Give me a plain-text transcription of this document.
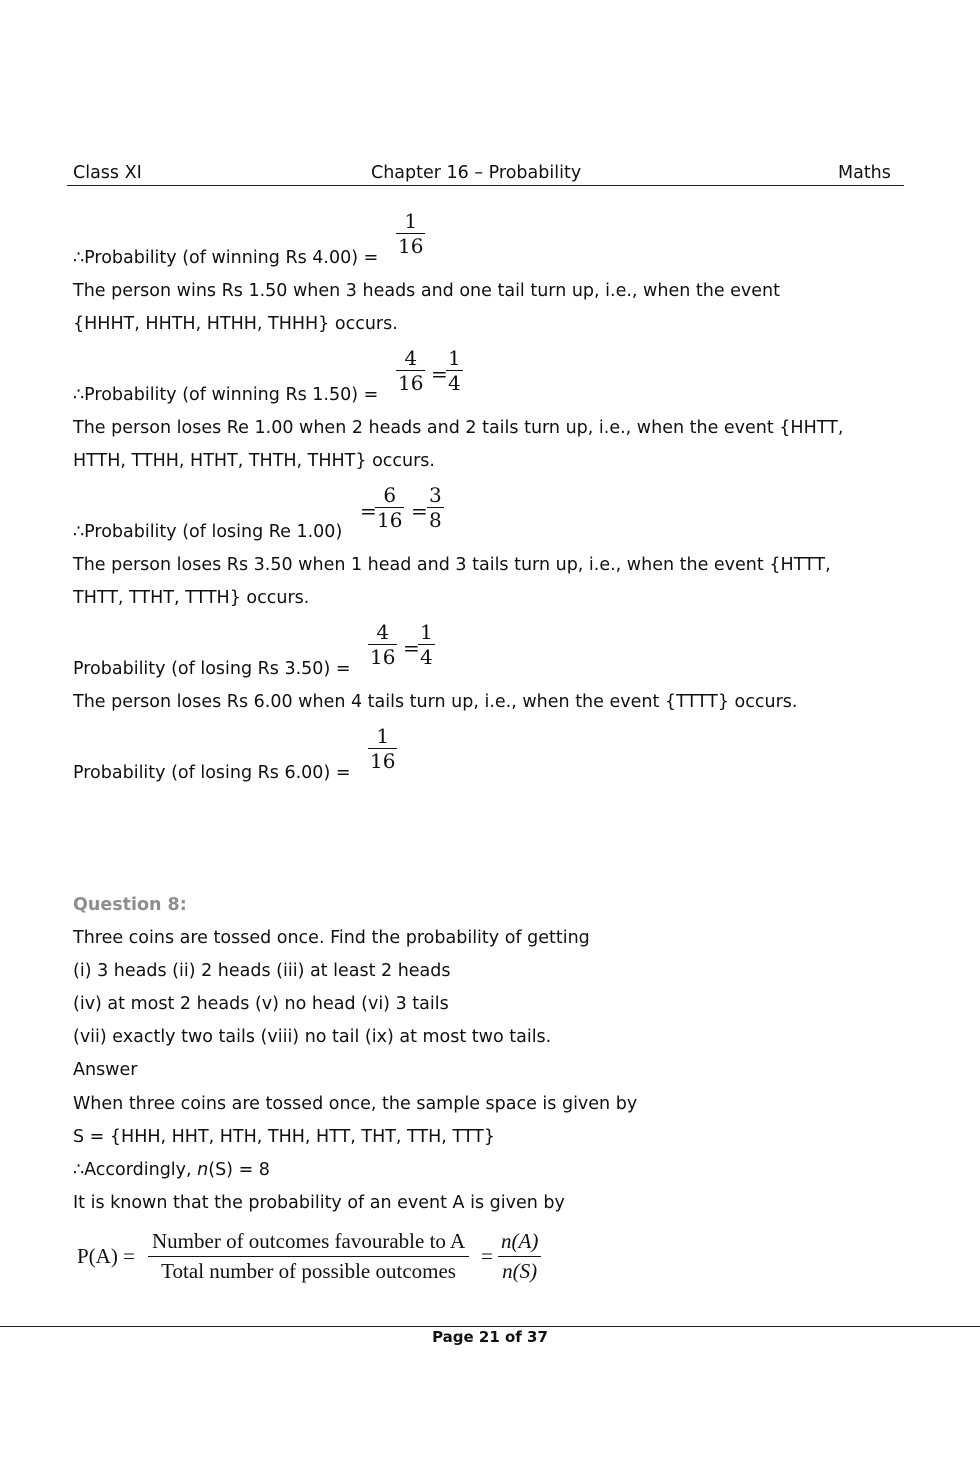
Class XI	Chapter 16 – Probability	Maths
∴Probability (of winning Rs $4.00) = \frac{1}{16}$
The person wins Rs 1.50 when 3 heads and one tail turn up, i.e., when the event
{HHHT, HHTH, HTHH, THHH} occurs.
∴Probability (of winning Rs $1.50) = \frac{4}{16}$ =
$\frac{1}{4}$
The person loses Re 1.00 when 2 heads and 2 tails turn up, i.e., when the event {HHTT,
HTTH, TTHH, HTHT, THTH, THHT} occurs.
∴Probability (of losing Re 1.00)
=
$\frac{6}{16} = \frac{3}{8}$
The person loses Rs 3.50 when 1 head and 3 tails turn up, i.e., when the event {HTTT,
THTT, TTHT, TTTH} occurs.
Probability (of losing Rs $3.50) = \frac{4}{16}$ =
$\frac{1}{4}$
The person loses Rs 6.00 when 4 tails turn up, i.e., when the event {TTTT} occurs.
Probability (of losing Rs $6.00) = \frac{1}{16}$
Question 8:
Three coins are tossed once. Find the probability of getting
(i) 3 heads (ii) 2 heads (iii) at least 2 heads
(iv) at most 2 heads (v) no head (vi) 3 tails
(vii) exactly two tails (viii) no tail (ix) at most two tails.
Answer
When three coins are tossed once, the sample space is given by
S = {HHH, HHT, HTH, THH, HTT, THT, TTH, TTT}
∴Accordingly, n(S) = 8
It is known that the probability of an event A is given by
P(A) =
Number of outcomes favourable to A
Total number of possible outcomes
= $\frac{n(A)}{n(S)}$
Page 21 of 37
